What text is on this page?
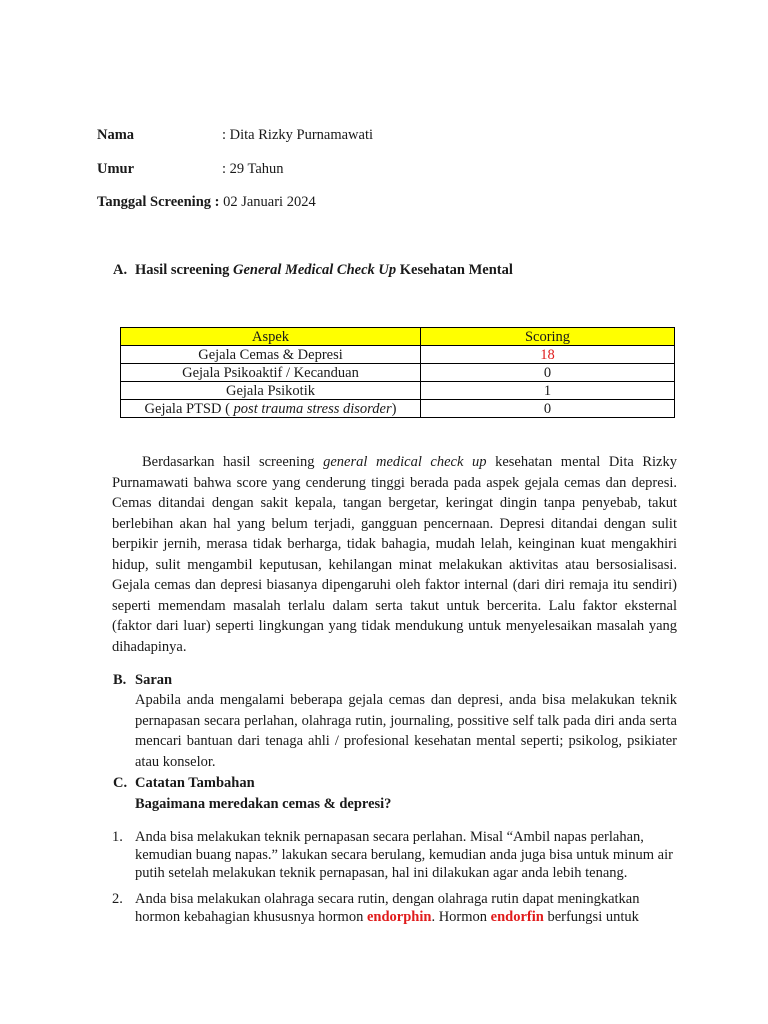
Nama	: Dita Rizky Purnamawati
Umur	: 29 Tahun
Tanggal Screening : 02 Januari 2024
A. Hasil screening General Medical Check Up Kesehatan Mental
Aspek	Scoring
Gejala Cemas & Depresi	18
Gejala Psikoaktif / Kecanduan	0
Gejala Psikotik	1
Gejala PTSD ( post trauma stress disorder)	0
Berdasarkan hasil screening general medical check up kesehatan mental Dita Rizky Purnamawati bahwa score yang cenderung tinggi berada pada aspek gejala cemas dan depresi. Cemas ditandai dengan sakit kepala, tangan bergetar, keringat dingin tanpa penyebab, takut berlebihan akan hal yang belum terjadi, gangguan pencernaan. Depresi ditandai dengan sulit berpikir jernih, merasa tidak berharga, tidak bahagia, mudah lelah, keinginan kuat mengakhiri hidup, sulit mengambil keputusan, kehilangan minat melakukan aktivitas atau bersosialisasi. Gejala cemas dan depresi biasanya dipengaruhi oleh faktor internal (dari diri remaja itu sendiri) seperti memendam masalah terlalu dalam serta takut untuk bercerita. Lalu faktor eksternal (faktor dari luar) seperti lingkungan yang tidak mendukung untuk menyelesaikan masalah yang dihadapinya.
B. Saran
Apabila anda mengalami beberapa gejala cemas dan depresi, anda bisa melakukan teknik pernapasan secara perlahan, olahraga rutin, journaling, possitive self talk pada diri anda serta mencari bantuan dari tenaga ahli / profesional kesehatan mental seperti; psikolog, psikiater atau konselor.
C. Catatan Tambahan
Bagaimana meredakan cemas & depresi?
1. Anda bisa melakukan teknik pernapasan secara perlahan. Misal “Ambil napas perlahan, kemudian buang napas.” lakukan secara berulang, kemudian anda juga bisa untuk minum air putih setelah melakukan teknik pernapasan, hal ini dilakukan agar anda lebih tenang.
2. Anda bisa melakukan olahraga secara rutin, dengan olahraga rutin dapat meningkatkan hormon kebahagian khususnya hormon endorphin. Hormon endorfin berfungsi untuk
